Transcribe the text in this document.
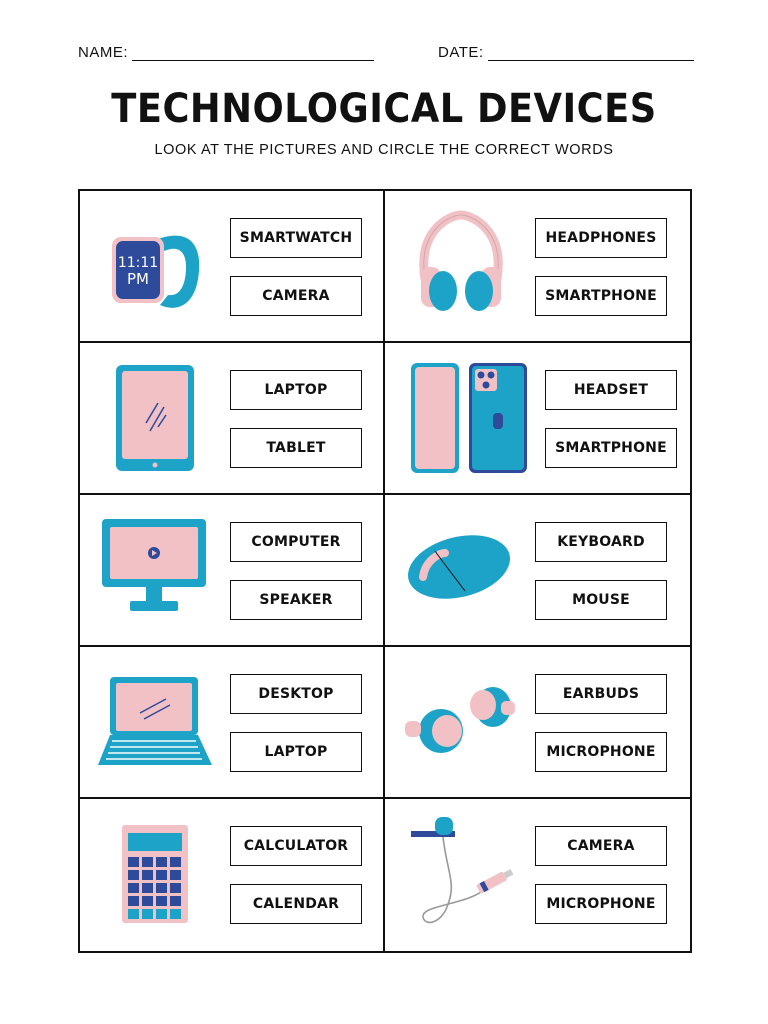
NAME:	DATE:
TECHNOLOGICAL DEVICES
LOOK AT THE PICTURES AND CIRCLE THE CORRECT WORDS
11:11
PM
SMARTWATCH
CAMERA
HEADPHONES
SMARTPHONE
LAPTOP
TABLET
HEADSET
SMARTPHONE
COMPUTER
SPEAKER
KEYBOARD
MOUSE
DESKTOP
LAPTOP
EARBUDS
MICROPHONE
CALCULATOR
CALENDAR
CAMERA
MICROPHONE
